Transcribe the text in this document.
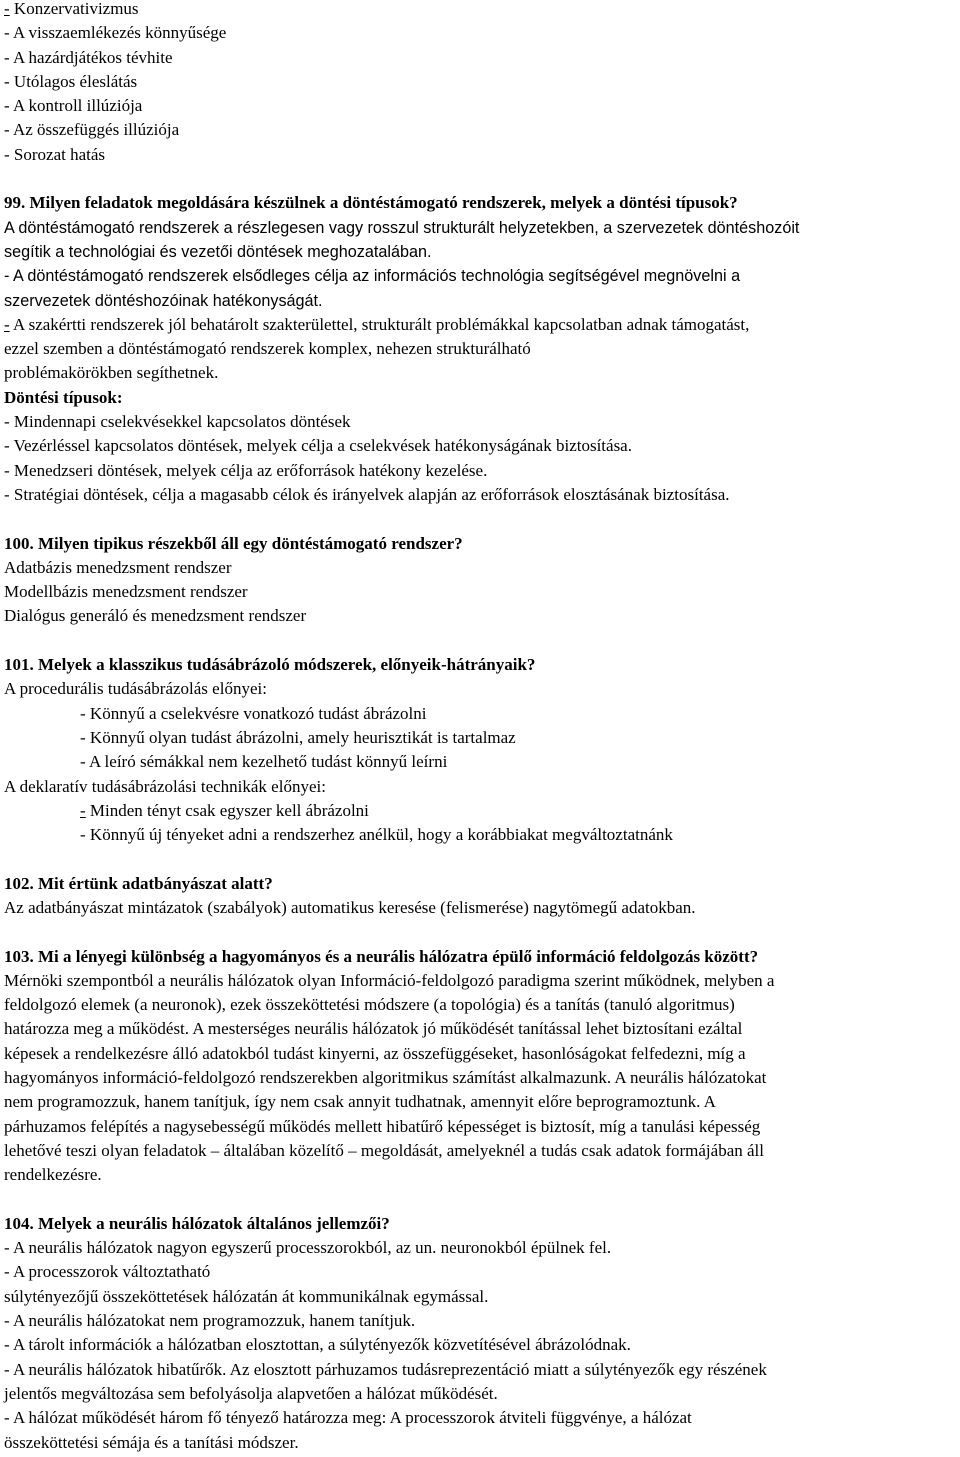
- Konzervativizmus
- A visszaemlékezés könnyűsége
- A hazárdjátékos tévhite
- Utólagos éleslátás
- A kontroll illúziója
- Az összefüggés illúziója
- Sorozat hatás
99. Milyen feladatok megoldására készülnek a döntéstámogató rendszerek, melyek a döntési típusok?
A döntéstámogató rendszerek a részlegesen vagy rosszul strukturált helyzetekben, a szervezetek döntéshozóit
segítik a technológiai és vezetői döntések meghozatalában.
- A döntéstámogató rendszerek elsődleges célja az információs technológia segítségével megnövelni a
szervezetek döntéshozóinak hatékonyságát.
- A szakértti rendszerek jól behatárolt szakterülettel, strukturált problémákkal kapcsolatban adnak támogatást,
ezzel szemben a döntéstámogató rendszerek komplex, nehezen strukturálható
problémakörökben segíthetnek.
Döntési típusok:
- Mindennapi cselekvésekkel kapcsolatos döntések
- Vezérléssel kapcsolatos döntések, melyek célja a cselekvések hatékonyságának biztosítása.
- Menedzseri döntések, melyek célja az erőforrások hatékony kezelése.
- Stratégiai döntések, célja a magasabb célok és irányelvek alapján az erőforrások elosztásának biztosítása.
100. Milyen tipikus részekből áll egy döntéstámogató rendszer?
Adatbázis menedzsment rendszer
Modellbázis menedzsment rendszer
Dialógus generáló és menedzsment rendszer
101. Melyek a klasszikus tudásábrázoló módszerek, előnyeik-hátrányaik?
A procedurális tudásábrázolás előnyei:
- Könnyű a cselekvésre vonatkozó tudást ábrázolni
- Könnyű olyan tudást ábrázolni, amely heurisztikát is tartalmaz
- A leíró sémákkal nem kezelhető tudást könnyű leírni
A deklaratív tudásábrázolási technikák előnyei:
- Minden tényt csak egyszer kell ábrázolni
- Könnyű új tényeket adni a rendszerhez anélkül, hogy a korábbiakat megváltoztatnánk
102. Mit értünk adatbányászat alatt?
Az adatbányászat mintázatok (szabályok) automatikus keresése (felismerése) nagytömegű adatokban.
103. Mi a lényegi különbség a hagyományos és a neurális hálózatra épülő információ feldolgozás között?
Mérnöki szempontból a neurális hálózatok olyan Információ-feldolgozó paradigma szerint működnek, melyben a
feldolgozó elemek (a neuronok), ezek összeköttetési módszere (a topológia) és a tanítás (tanuló algoritmus)
határozza meg a működést. A mesterséges neurális hálózatok jó működését tanítással lehet biztosítani ezáltal
képesek a rendelkezésre álló adatokból tudást kinyerni, az összefüggéseket, hasonlóságokat felfedezni, míg a
hagyományos információ-feldolgozó rendszerekben algoritmikus számítást alkalmazunk. A neurális hálózatokat
nem programozzuk, hanem tanítjuk, így nem csak annyit tudhatnak, amennyit előre beprogramoztunk. A
párhuzamos felépítés a nagysebességű működés mellett hibatűrő képességet is biztosít, míg a tanulási képesség
lehetővé teszi olyan feladatok – általában közelítő – megoldását, amelyeknél a tudás csak adatok formájában áll
rendelkezésre.
104. Melyek a neurális hálózatok általános jellemzői?
- A neurális hálózatok nagyon egyszerű processzorokból, az un. neuronokból épülnek fel.
- A processzorok változtatható
súlytényezőjű összeköttetések hálózatán át kommunikálnak egymással.
- A neurális hálózatokat nem programozzuk, hanem tanítjuk.
- A tárolt információk a hálózatban elosztottan, a súlytényezők közvetítésével ábrázolódnak.
- A neurális hálózatok hibatűrők. Az elosztott párhuzamos tudásreprezentáció miatt a súlytényezők egy részének
jelentős megváltozása sem befolyásolja alapvetően a hálózat működését.
- A hálózat működését három fő tényező határozza meg: A processzorok átviteli függvénye, a hálózat
összeköttetési sémája és a tanítási módszer.
